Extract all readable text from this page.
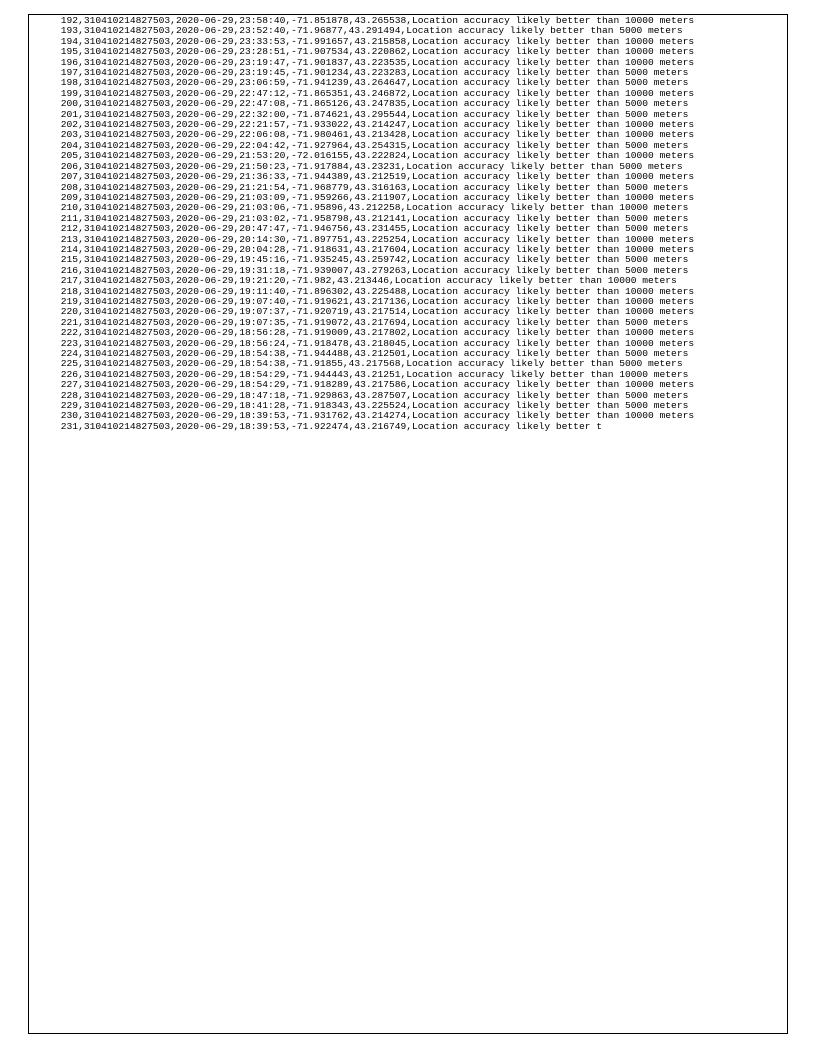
192,310410214827503,2020-06-29,23:58:40,-71.851878,43.265538,Location accuracy likely better than 10000 meters
193,310410214827503,2020-06-29,23:52:40,-71.96877,43.291494,Location accuracy likely better than 5000 meters
194,310410214827503,2020-06-29,23:33:53,-71.991657,43.215858,Location accuracy likely better than 10000 meters
195,310410214827503,2020-06-29,23:28:51,-71.907534,43.220862,Location accuracy likely better than 10000 meters
196,310410214827503,2020-06-29,23:19:47,-71.901837,43.223535,Location accuracy likely better than 10000 meters
197,310410214827503,2020-06-29,23:19:45,-71.901234,43.223283,Location accuracy likely better than 5000 meters
198,310410214827503,2020-06-29,23:06:59,-71.941239,43.264647,Location accuracy likely better than 5000 meters
199,310410214827503,2020-06-29,22:47:12,-71.865351,43.246872,Location accuracy likely better than 10000 meters
200,310410214827503,2020-06-29,22:47:08,-71.865126,43.247835,Location accuracy likely better than 5000 meters
201,310410214827503,2020-06-29,22:32:00,-71.874621,43.295544,Location accuracy likely better than 5000 meters
202,310410214827503,2020-06-29,22:21:57,-71.933022,43.214247,Location accuracy likely better than 10000 meters
203,310410214827503,2020-06-29,22:06:08,-71.980461,43.213428,Location accuracy likely better than 10000 meters
204,310410214827503,2020-06-29,22:04:42,-71.927964,43.254315,Location accuracy likely better than 5000 meters
205,310410214827503,2020-06-29,21:53:20,-72.016155,43.222824,Location accuracy likely better than 10000 meters
206,310410214827503,2020-06-29,21:50:23,-71.917884,43.23231,Location accuracy likely better than 5000 meters
207,310410214827503,2020-06-29,21:36:33,-71.944389,43.212519,Location accuracy likely better than 10000 meters
208,310410214827503,2020-06-29,21:21:54,-71.968779,43.316163,Location accuracy likely better than 5000 meters
209,310410214827503,2020-06-29,21:03:09,-71.959266,43.211907,Location accuracy likely better than 10000 meters
210,310410214827503,2020-06-29,21:03:06,-71.95896,43.212258,Location accuracy likely better than 10000 meters
211,310410214827503,2020-06-29,21:03:02,-71.958798,43.212141,Location accuracy likely better than 5000 meters
212,310410214827503,2020-06-29,20:47:47,-71.946756,43.231455,Location accuracy likely better than 5000 meters
213,310410214827503,2020-06-29,20:14:30,-71.897751,43.225254,Location accuracy likely better than 10000 meters
214,310410214827503,2020-06-29,20:04:28,-71.918631,43.217604,Location accuracy likely better than 10000 meters
215,310410214827503,2020-06-29,19:45:16,-71.935245,43.259742,Location accuracy likely better than 5000 meters
216,310410214827503,2020-06-29,19:31:18,-71.939007,43.279263,Location accuracy likely better than 5000 meters
217,310410214827503,2020-06-29,19:21:20,-71.982,43.213446,Location accuracy likely better than 10000 meters
218,310410214827503,2020-06-29,19:11:40,-71.896302,43.225488,Location accuracy likely better than 10000 meters
219,310410214827503,2020-06-29,19:07:40,-71.919621,43.217136,Location accuracy likely better than 10000 meters
220,310410214827503,2020-06-29,19:07:37,-71.920719,43.217514,Location accuracy likely better than 10000 meters
221,310410214827503,2020-06-29,19:07:35,-71.919072,43.217694,Location accuracy likely better than 5000 meters
222,310410214827503,2020-06-29,18:56:28,-71.919009,43.217802,Location accuracy likely better than 10000 meters
223,310410214827503,2020-06-29,18:56:24,-71.918478,43.218045,Location accuracy likely better than 10000 meters
224,310410214827503,2020-06-29,18:54:38,-71.944488,43.212501,Location accuracy likely better than 5000 meters
225,310410214827503,2020-06-29,18:54:38,-71.91855,43.217568,Location accuracy likely better than 5000 meters
226,310410214827503,2020-06-29,18:54:29,-71.944443,43.21251,Location accuracy likely better than 10000 meters
227,310410214827503,2020-06-29,18:54:29,-71.918289,43.217586,Location accuracy likely better than 10000 meters
228,310410214827503,2020-06-29,18:47:18,-71.929863,43.287507,Location accuracy likely better than 5000 meters
229,310410214827503,2020-06-29,18:41:28,-71.918343,43.225524,Location accuracy likely better than 5000 meters
230,310410214827503,2020-06-29,18:39:53,-71.931762,43.214274,Location accuracy likely better than 10000 meters
231,310410214827503,2020-06-29,18:39:53,-71.922474,43.216749,Location accuracy likely better t
